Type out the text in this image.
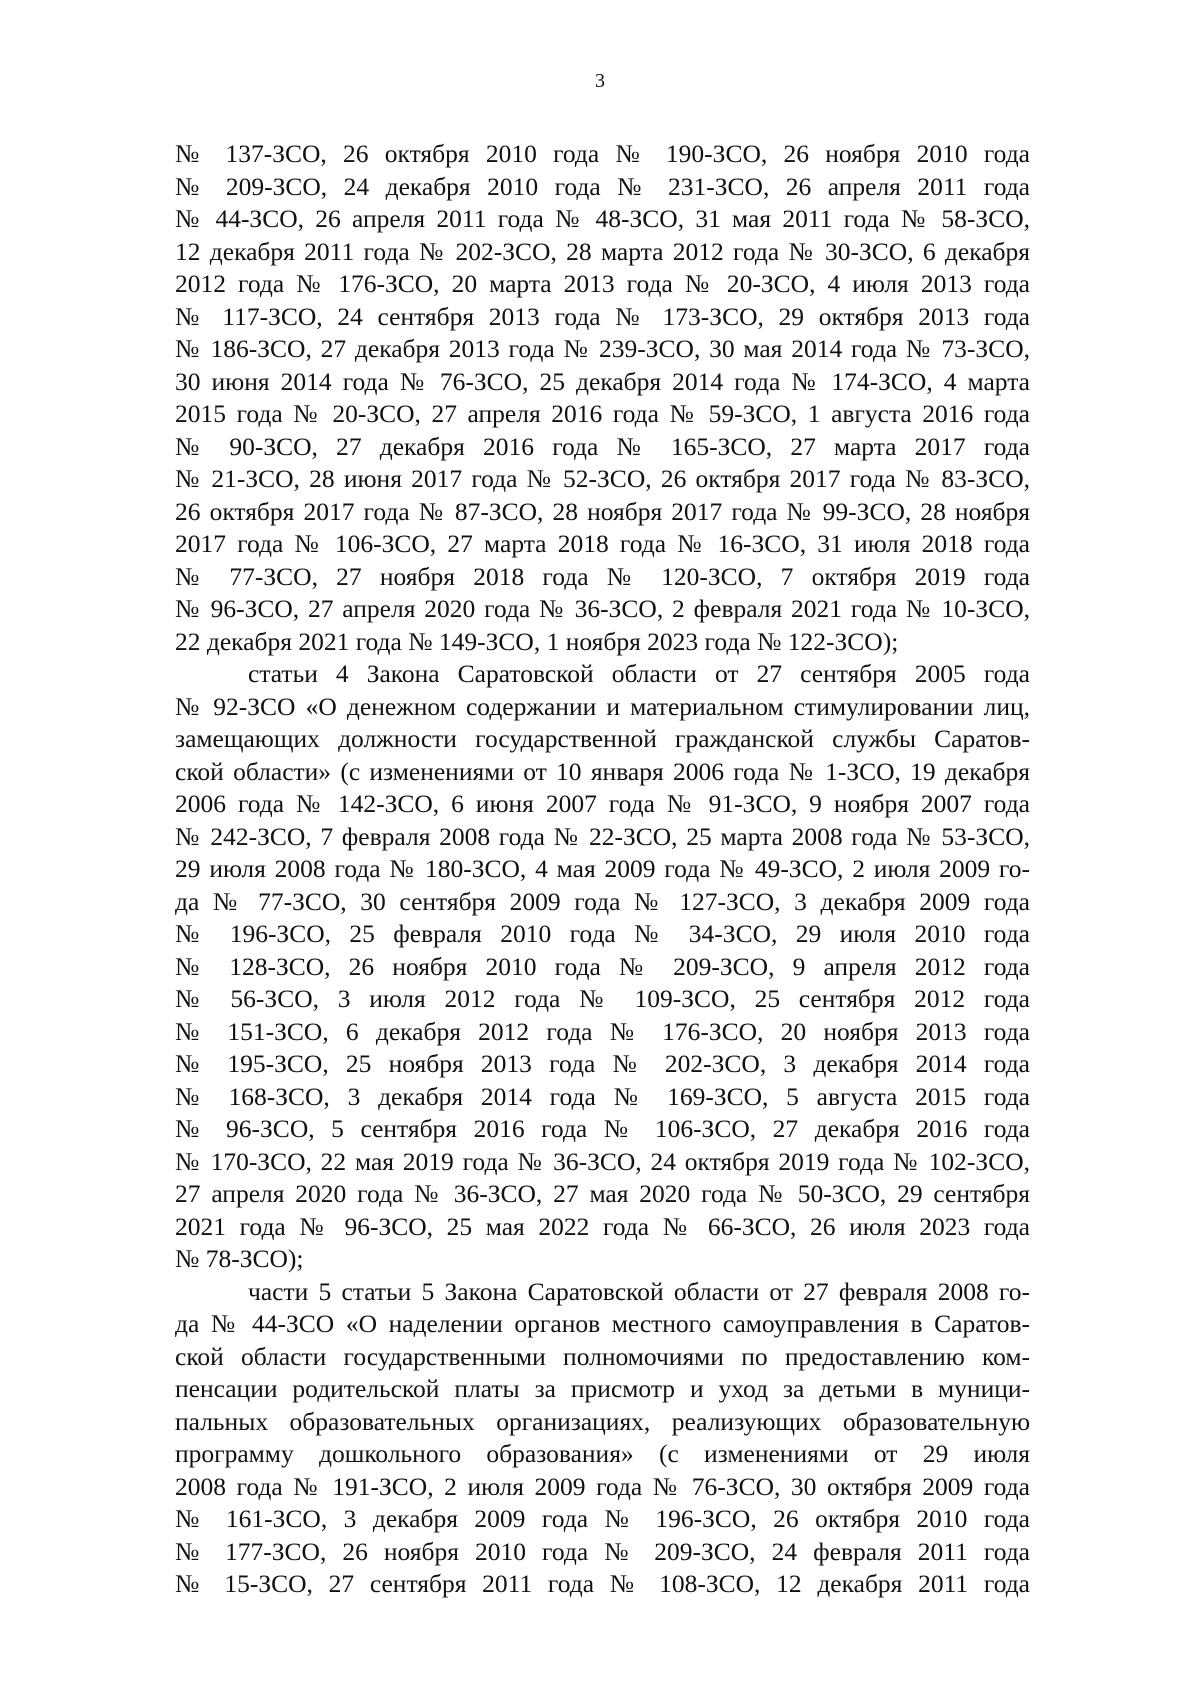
3
№ 137-ЗСО, 26 октября 2010 года № 190-ЗСО, 26 ноября 2010 года
№ 209-ЗСО, 24 декабря 2010 года № 231-ЗСО, 26 апреля 2011 года
№ 44-ЗСО, 26 апреля 2011 года № 48-ЗСО, 31 мая 2011 года № 58-ЗСО,
12 декабря 2011 года № 202-ЗСО, 28 марта 2012 года № 30-ЗСО, 6 декабря
2012 года № 176-ЗСО, 20 марта 2013 года № 20-ЗСО, 4 июля 2013 года
№ 117-ЗСО, 24 сентября 2013 года № 173-ЗСО, 29 октября 2013 года
№ 186-ЗСО, 27 декабря 2013 года № 239-ЗСО, 30 мая 2014 года № 73-ЗСО,
30 июня 2014 года № 76-ЗСО, 25 декабря 2014 года № 174-ЗСО, 4 марта
2015 года № 20-ЗСО, 27 апреля 2016 года № 59-ЗСО, 1 августа 2016 года
№ 90-ЗСО, 27 декабря 2016 года № 165-ЗСО, 27 марта 2017 года
№ 21-ЗСО, 28 июня 2017 года № 52-ЗСО, 26 октября 2017 года № 83-ЗСО,
26 октября 2017 года № 87-ЗСО, 28 ноября 2017 года № 99-ЗСО, 28 ноября
2017 года № 106-ЗСО, 27 марта 2018 года № 16-ЗСО, 31 июля 2018 года
№ 77-ЗСО, 27 ноября 2018 года № 120-ЗСО, 7 октября 2019 года
№ 96-ЗСО, 27 апреля 2020 года № 36-ЗСО, 2 февраля 2021 года № 10-ЗСО,
22 декабря 2021 года № 149-ЗСО, 1 ноября 2023 года № 122-ЗСО);
статьи 4 Закона Саратовской области от 27 сентября 2005 года
№ 92-ЗСО «О денежном содержании и материальном стимулировании лиц,
замещающих должности государственной гражданской службы Саратов-
ской области» (с изменениями от 10 января 2006 года № 1-ЗСО, 19 декабря
2006 года № 142-ЗСО, 6 июня 2007 года № 91-ЗСО, 9 ноября 2007 года
№ 242-ЗСО, 7 февраля 2008 года № 22-ЗСО, 25 марта 2008 года № 53-ЗСО,
29 июля 2008 года № 180-ЗСО, 4 мая 2009 года № 49-ЗСО, 2 июля 2009 го-
да № 77-ЗСО, 30 сентября 2009 года № 127-ЗСО, 3 декабря 2009 года
№ 196-ЗСО, 25 февраля 2010 года № 34-ЗСО, 29 июля 2010 года
№ 128-ЗСО, 26 ноября 2010 года № 209-ЗСО, 9 апреля 2012 года
№ 56-ЗСО, 3 июля 2012 года № 109-ЗСО, 25 сентября 2012 года
№ 151-ЗСО, 6 декабря 2012 года № 176-ЗСО, 20 ноября 2013 года
№ 195-ЗСО, 25 ноября 2013 года № 202-ЗСО, 3 декабря 2014 года
№ 168-ЗСО, 3 декабря 2014 года № 169-ЗСО, 5 августа 2015 года
№ 96-ЗСО, 5 сентября 2016 года № 106-ЗСО, 27 декабря 2016 года
№ 170-ЗСО, 22 мая 2019 года № 36-ЗСО, 24 октября 2019 года № 102-ЗСО,
27 апреля 2020 года № 36-ЗСО, 27 мая 2020 года № 50-ЗСО, 29 сентября
2021 года № 96-ЗСО, 25 мая 2022 года № 66-ЗСО, 26 июля 2023 года
№ 78-ЗСО);
части 5 статьи 5 Закона Саратовской области от 27 февраля 2008 го-
да № 44-ЗСО «О наделении органов местного самоуправления в Саратов-
ской области государственными полномочиями по предоставлению ком-
пенсации родительской платы за присмотр и уход за детьми в муници-
пальных образовательных организациях, реализующих образовательную
программу дошкольного образования» (с изменениями от 29 июля
2008 года № 191-ЗСО, 2 июля 2009 года № 76-ЗСО, 30 октября 2009 года
№ 161-ЗСО, 3 декабря 2009 года № 196-ЗСО, 26 октября 2010 года
№ 177-ЗСО, 26 ноября 2010 года № 209-ЗСО, 24 февраля 2011 года
№ 15-ЗСО, 27 сентября 2011 года № 108-ЗСО, 12 декабря 2011 года
